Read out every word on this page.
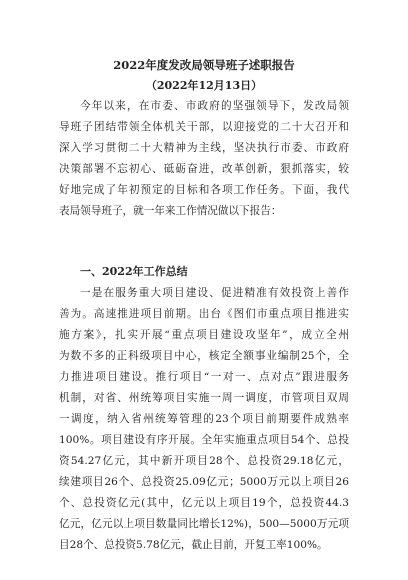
2022年度发改局领导班子述职报告
（2022年12月13日）
今年以来，在市委、市政府的坚强领导下，发改局领
导班子团结带领全体机关干部，以迎接党的二十大召开和
深入学习贯彻二十大精神为主线，坚决执行市委、市政府
决策部署不忘初心、砥砺奋进，改革创新，狠抓落实，较
好地完成了年初预定的目标和各项工作任务。下面，我代
表局领导班子，就一年来工作情况做以下报告：
一、2022年工作总结
一是在服务重大项目建设、促进精准有效投资上善作
善为。高速推进项目前期。出台《图们市重点项目推进实
施方案》，扎实开展“重点项目建设攻坚年”，成立全州
为数不多的正科级项目中心，核定全额事业编制25个，全
力推进项目建设。推行项目“一对一、点对点”跟进服务
机制，对省、州统筹项目实施一周一调度，市管项目双周
一调度，纳入省州统筹管理的23个项目前期要件成熟率
100%。项目建设有序开展。全年实施重点项目54个、总投
资54.27亿元，其中新开项目28个、总投资29.18亿元，
续建项目26个、总投资25.09亿元；5000万元以上项目26
个、总投资亿元(其中，亿元以上项目19个，总投资44.3
亿元，亿元以上项目数量同比增长12%)，500—5000万元项
目28个、总投资5.78亿元，截止目前，开复工率100%。
